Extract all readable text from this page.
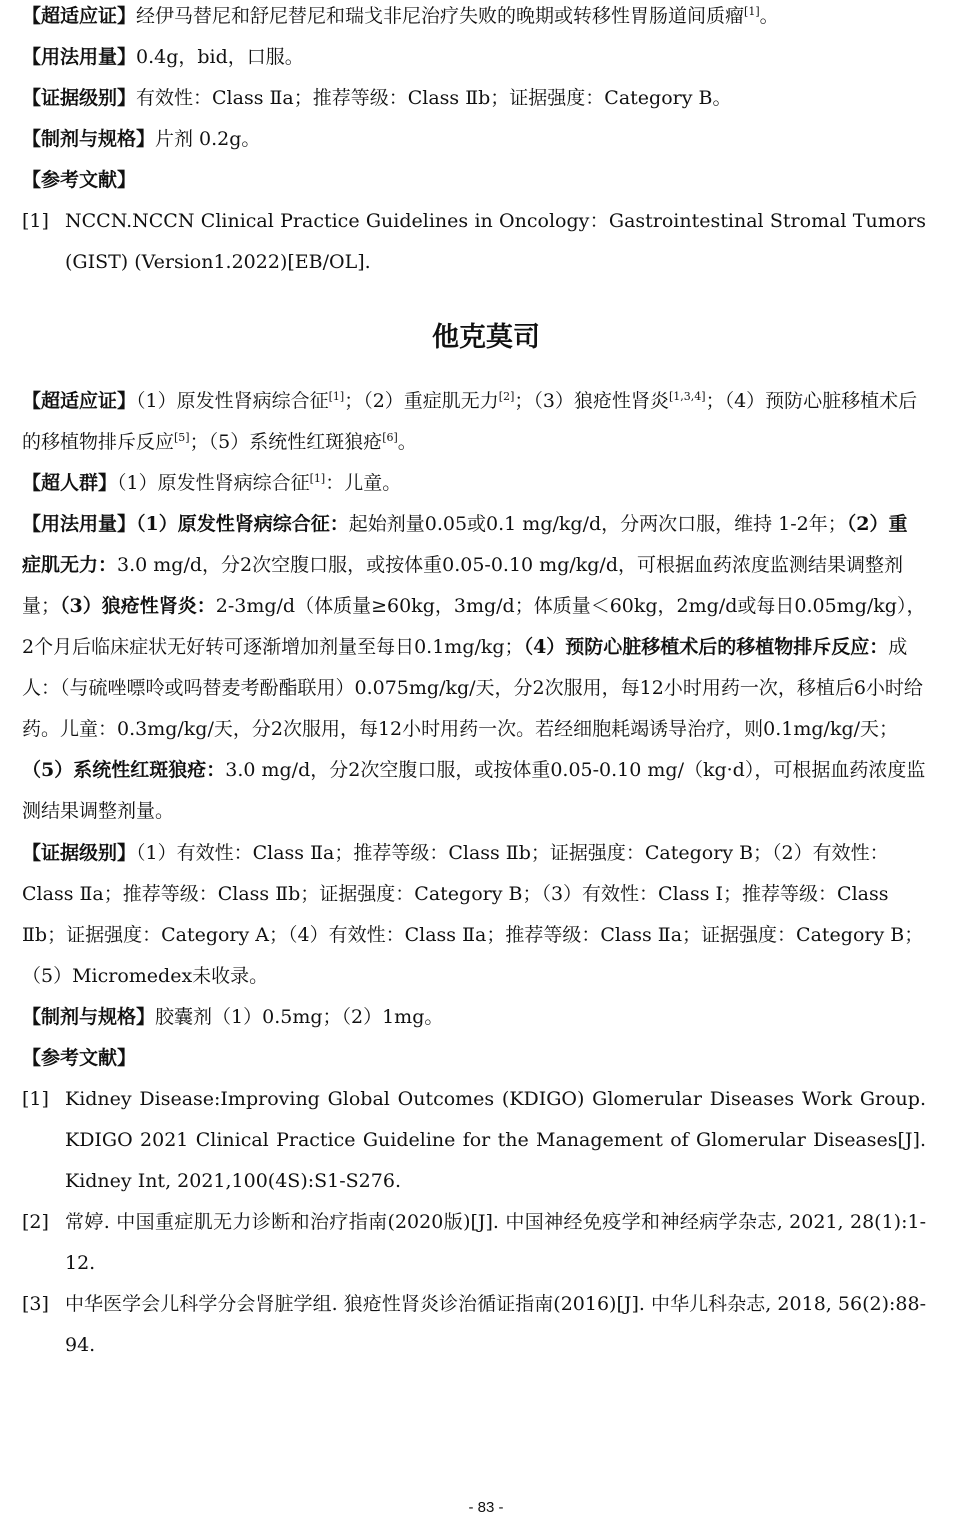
【超适应证】经伊马替尼和舒尼替尼和瑞戈非尼治疗失败的晚期或转移性胃肠道间质瘤[1]。

【用法用量】0.4g，bid，口服。

【证据级别】有效性：Class Ⅱa；推荐等级：Class Ⅱb；证据强度：Category B。

【制剂与规格】片剂 0.2g。

【参考文献】

[1] NCCN.NCCN Clinical Practice Guidelines in Oncology：Gastrointestinal Stromal Tumors (GIST) (Version1.2022)[EB/OL].

他克莫司

【超适应证】（1）原发性肾病综合征[1]；（2）重症肌无力[2]；（3）狼疮性肾炎[1,3,4]；（4）预防心脏移植术后的移植物排斥反应[5]；（5）系统性红斑狼疮[6]。

【超人群】（1）原发性肾病综合征[1]：儿童。

【用法用量】（1）原发性肾病综合征：起始剂量0.05或0.1 mg/kg/d，分两次口服，维持 1-2年；（2）重症肌无力：3.0 mg/d，分2次空腹口服，或按体重0.05-0.10 mg/kg/d，可根据血药浓度监测结果调整剂量；（3）狼疮性肾炎：2-3mg/d（体质量≥60kg，3mg/d；体质量＜60kg，2mg/d或每日0.05mg/kg），2个月后临床症状无好转可逐渐增加剂量至每日0.1mg/kg；（4）预防心脏移植术后的移植物排斥反应：成人：（与硫唑嘌呤或吗替麦考酚酯联用）0.075mg/kg/天，分2次服用，每12小时用药一次，移植后6小时给药。儿童：0.3mg/kg/天，分2次服用，每12小时用药一次。若经细胞耗竭诱导治疗，则0.1mg/kg/天；（5）系统性红斑狼疮：3.0 mg/d，分2次空腹口服，或按体重0.05-0.10 mg/（kg·d），可根据血药浓度监测结果调整剂量。

【证据级别】（1）有效性：Class Ⅱa；推荐等级：Class Ⅱb；证据强度：Category B；（2）有效性：Class Ⅱa；推荐等级：Class Ⅱb；证据强度：Category B；（3）有效性：Class Ⅰ；推荐等级：Class Ⅱb；证据强度：Category A；（4）有效性：Class Ⅱa；推荐等级：Class Ⅱa；证据强度：Category B；（5）Micromedex未收录。

【制剂与规格】胶囊剂（1）0.5mg；（2）1mg。

【参考文献】

[1] Kidney Disease:Improving Global Outcomes (KDIGO) Glomerular Diseases Work Group. KDIGO 2021 Clinical Practice Guideline for the Management of Glomerular Diseases[J]. Kidney Int, 2021,100(4S):S1-S276.

[2] 常婷. 中国重症肌无力诊断和治疗指南(2020版)[J]. 中国神经免疫学和神经病学杂志, 2021, 28(1):1-12.

[3] 中华医学会儿科学分会肾脏学组. 狼疮性肾炎诊治循证指南(2016)[J]. 中华儿科杂志, 2018, 56(2):88-94.

- 83 -
